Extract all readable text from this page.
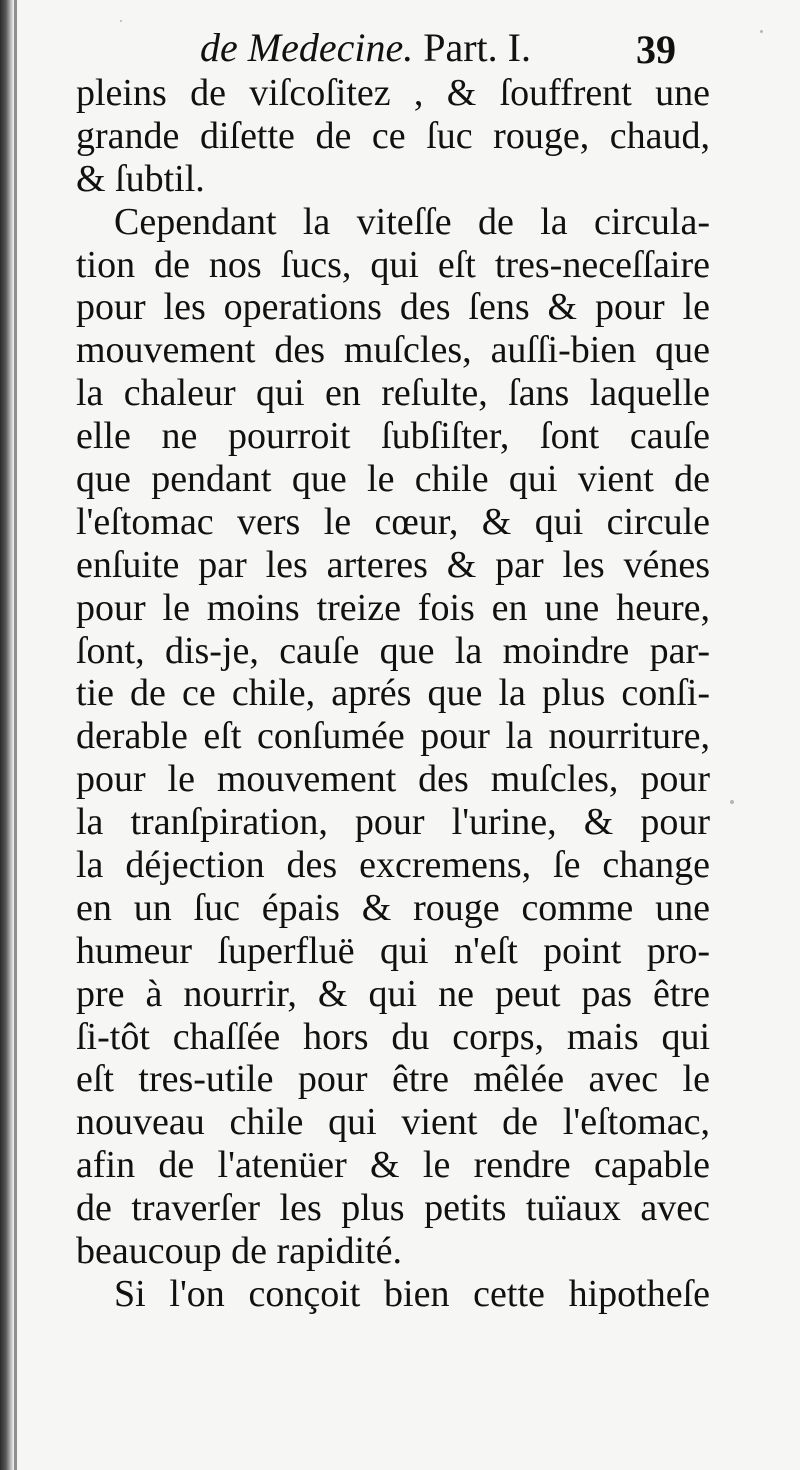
de Medecine. Part. I.	39
pleins de viſcoſitez , & ſouffrent une
grande diſette de ce ſuc rouge, chaud,
& ſubtil.
Cependant la viteſſe de la circula-
tion de nos ſucs, qui eſt tres-neceſſaire
pour les operations des ſens & pour le
mouvement des muſcles, auſſi-bien que
la chaleur qui en reſulte, ſans laquelle
elle ne pourroit ſubſiſter, ſont cauſe
que pendant que le chile qui vient de
l'eſtomac vers le cœur, & qui circule
enſuite par les arteres & par les vénes
pour le moins treize fois en une heure,
ſont, dis-je, cauſe que la moindre par-
tie de ce chile, aprés que la plus conſi-
derable eſt conſumée pour la nourriture,
pour le mouvement des muſcles, pour
la tranſpiration, pour l'urine, & pour
la déjection des excremens, ſe change
en un ſuc épais & rouge comme une
humeur ſuperfluë qui n'eſt point pro-
pre à nourrir, & qui ne peut pas être
ſi-tôt chaſſée hors du corps, mais qui
eſt tres-utile pour être mêlée avec le
nouveau chile qui vient de l'eſtomac,
afin de l'atenüer & le rendre capable
de traverſer les plus petits tuïaux avec
beaucoup de rapidité.
Si l'on conçoit bien cette hipotheſe
